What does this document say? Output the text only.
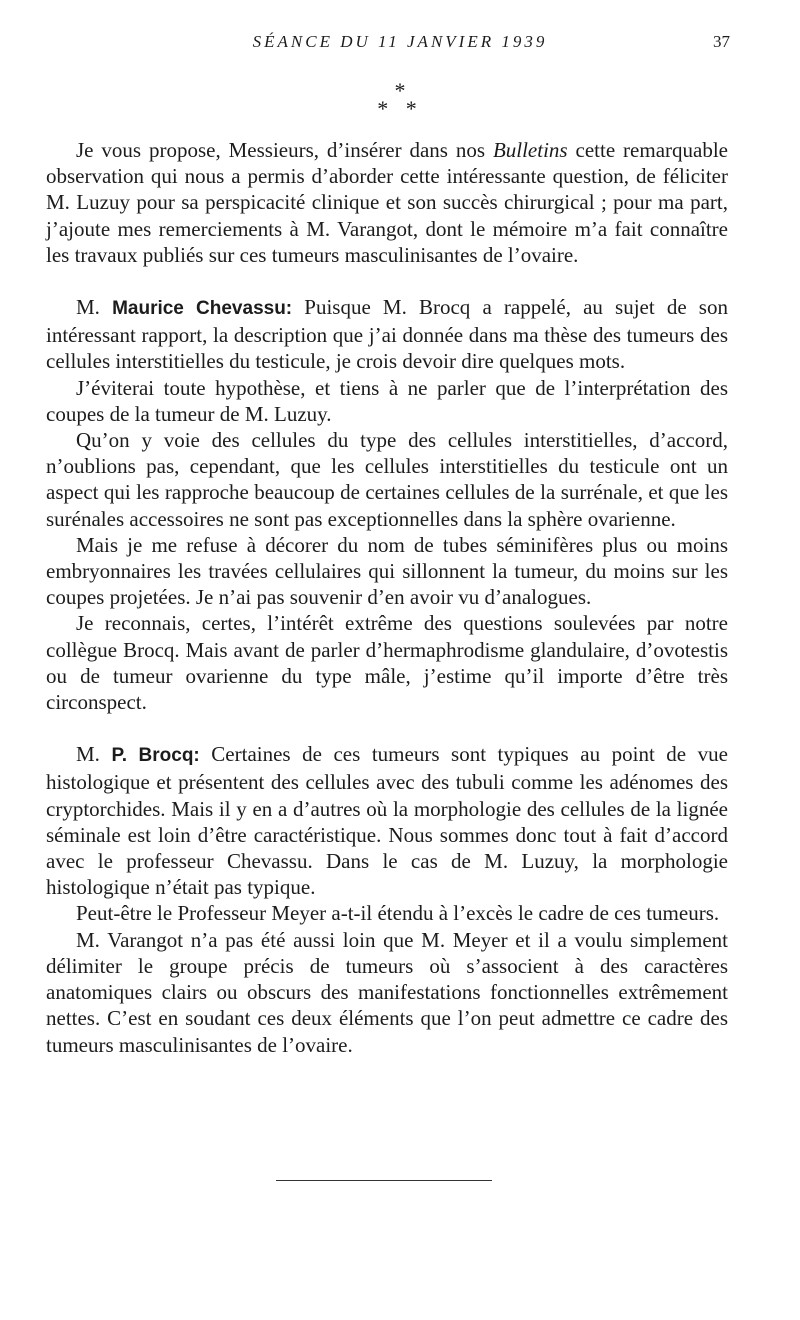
SÉANCE DU 11 JANVIER 1939	37
*
* *

Je vous propose, Messieurs, d’insérer dans nos Bulletins cette remarquable observation qui nous a permis d’aborder cette intéressante question, de féliciter M. Luzuy pour sa perspicacité clinique et son succès chirurgical ; pour ma part, j’ajoute mes remerciements à M. Varangot, dont le mémoire m’a fait connaître les travaux publiés sur ces tumeurs masculinisantes de l’ovaire.

M. Maurice Chevassu: Puisque M. Brocq a rappelé, au sujet de son intéressant rapport, la description que j’ai donnée dans ma thèse des tumeurs des cellules interstitielles du testicule, je crois devoir dire quelques mots.

J’éviterai toute hypothèse, et tiens à ne parler que de l’interprétation des coupes de la tumeur de M. Luzuy.

Qu’on y voie des cellules du type des cellules interstitielles, d’accord, n’oublions pas, cependant, que les cellules interstitielles du testicule ont un aspect qui les rapproche beaucoup de certaines cellules de la surrénale, et que les surénales accessoires ne sont pas exceptionnelles dans la sphère ovarienne.

Mais je me refuse à décorer du nom de tubes séminifères plus ou moins embryonnaires les travées cellulaires qui sillonnent la tumeur, du moins sur les coupes projetées. Je n’ai pas souvenir d’en avoir vu d’analogues.

Je reconnais, certes, l’intérêt extrême des questions soulevées par notre collègue Brocq. Mais avant de parler d’hermaphrodisme glandulaire, d’ovotestis ou de tumeur ovarienne du type mâle, j’estime qu’il importe d’être très circonspect.

M. P. Brocq: Certaines de ces tumeurs sont typiques au point de vue histologique et présentent des cellules avec des tubuli comme les adénomes des cryptorchides. Mais il y en a d’autres où la morphologie des cellules de la lignée séminale est loin d’être caractéristique. Nous sommes donc tout à fait d’accord avec le professeur Chevassu. Dans le cas de M. Luzuy, la morphologie histologique n’était pas typique.

Peut-être le Professeur Meyer a-t-il étendu à l’excès le cadre de ces tumeurs.

M. Varangot n’a pas été aussi loin que M. Meyer et il a voulu simplement délimiter le groupe précis de tumeurs où s’associent à des caractères anatomiques clairs ou obscurs des manifestations fonctionnelles extrêmement nettes. C’est en soudant ces deux éléments que l’on peut admettre ce cadre des tumeurs masculinisantes de l’ovaire.
